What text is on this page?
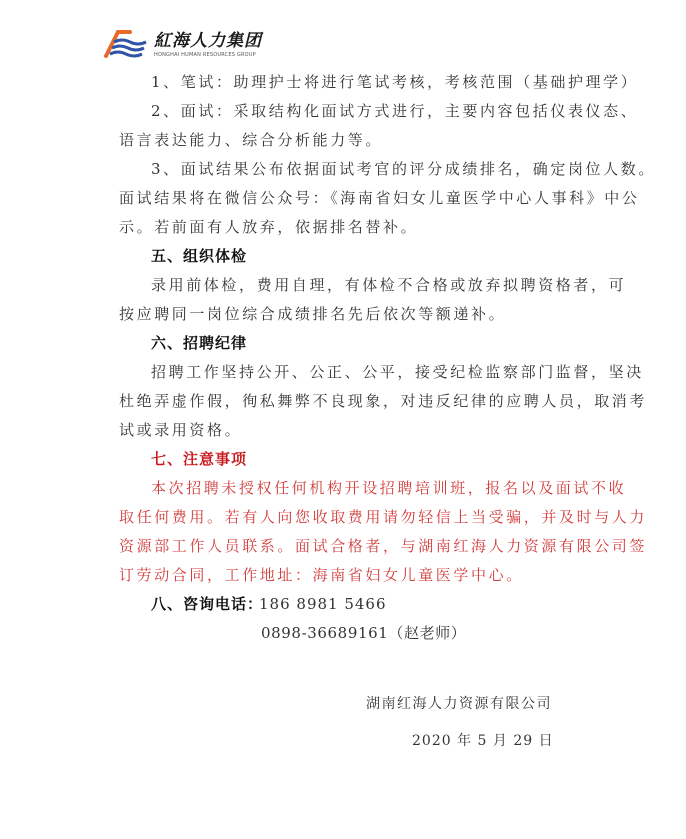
紅海人力集团
HONGHAI HUMAN RESOURCES GROUP
1、笔试：助理护士将进行笔试考核，考核范围（基础护理学）
2、面试：采取结构化面试方式进行，主要内容包括仪表仪态、
语言表达能力、综合分析能力等。
3、面试结果公布依据面试考官的评分成绩排名，确定岗位人数。
面试结果将在微信公众号：《海南省妇女儿童医学中心人事科》中公
示。若前面有人放弃，依据排名替补。
五、组织体检
录用前体检，费用自理，有体检不合格或放弃拟聘资格者，可
按应聘同一岗位综合成绩排名先后依次等额递补。
六、招聘纪律
招聘工作坚持公开、公正、公平，接受纪检监察部门监督，坚决
杜绝弄虚作假，徇私舞弊不良现象，对违反纪律的应聘人员，取消考
试或录用资格。
七、注意事项
本次招聘未授权任何机构开设招聘培训班，报名以及面试不收
取任何费用。若有人向您收取费用请勿轻信上当受骗，并及时与人力
资源部工作人员联系。面试合格者，与湖南红海人力资源有限公司签
订劳动合同，工作地址：海南省妇女儿童医学中心。
八、咨询电话：
186 8981 5466
0898-36689161（赵老师）
湖南红海人力资源有限公司
2020 年 5 月 29 日
